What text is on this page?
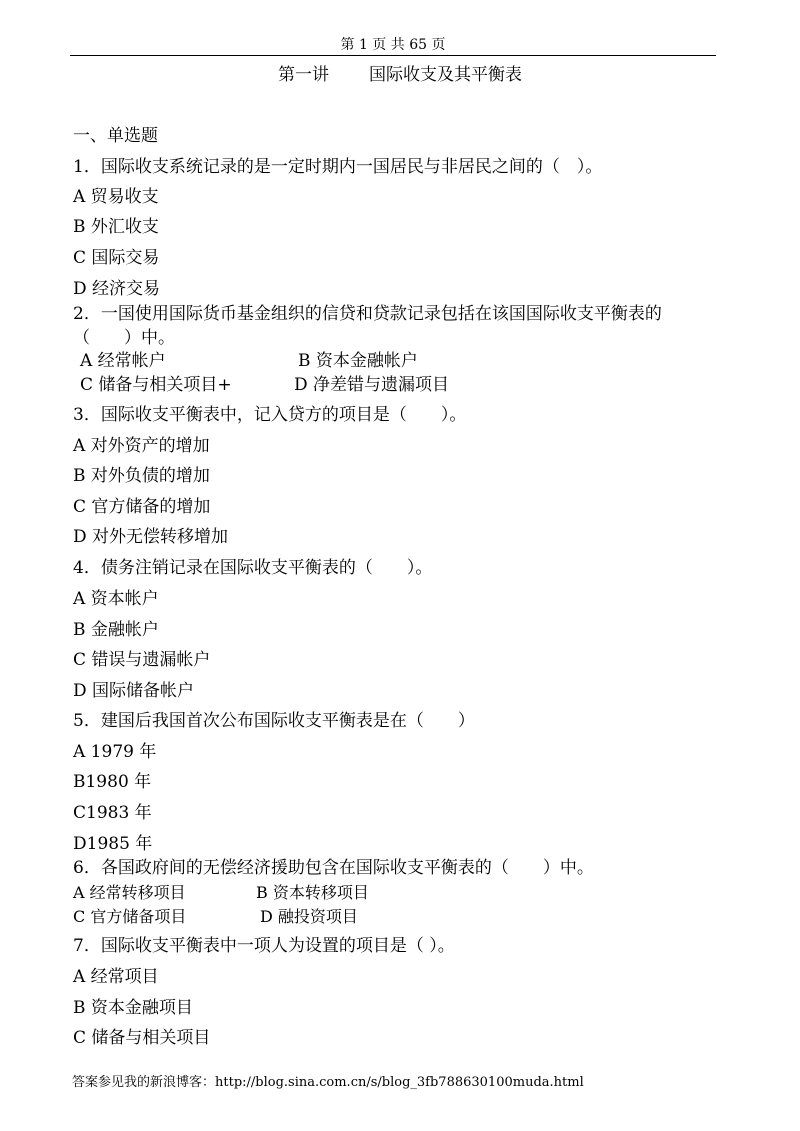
第 1 页 共 65 页
第一讲 国际收支及其平衡表
一、单选题
1．国际收支系统记录的是一定时期内一国居民与非居民之间的（　）。
A 贸易收支
B 外汇收支
C 国际交易
D 经济交易
2．一国使用国际货币基金组织的信贷和贷款记录包括在该国国际收支平衡表的
（　　）中。
A 经常帐户	B 资本金融帐户
C 储备与相关项目+	D 净差错与遗漏项目
3．国际收支平衡表中，记入贷方的项目是（　　）。
A 对外资产的增加
B 对外负债的增加
C 官方储备的增加
D 对外无偿转移增加
4．债务注销记录在国际收支平衡表的（　　）。
A 资本帐户
B 金融帐户
C 错误与遗漏帐户
D 国际储备帐户
5．建国后我国首次公布国际收支平衡表是在（　　）
A 1979 年
B1980 年
C1983 年
D1985 年
6．各国政府间的无偿经济援助包含在国际收支平衡表的（　　）中。
A 经常转移项目	B 资本转移项目
C 官方储备项目	D 融投资项目
7．国际收支平衡表中一项人为设置的项目是（ ）。
A 经常项目
B 资本金融项目
C 储备与相关项目
答案参见我的新浪博客：http://blog.sina.com.cn/s/blog_3fb788630100muda.html
